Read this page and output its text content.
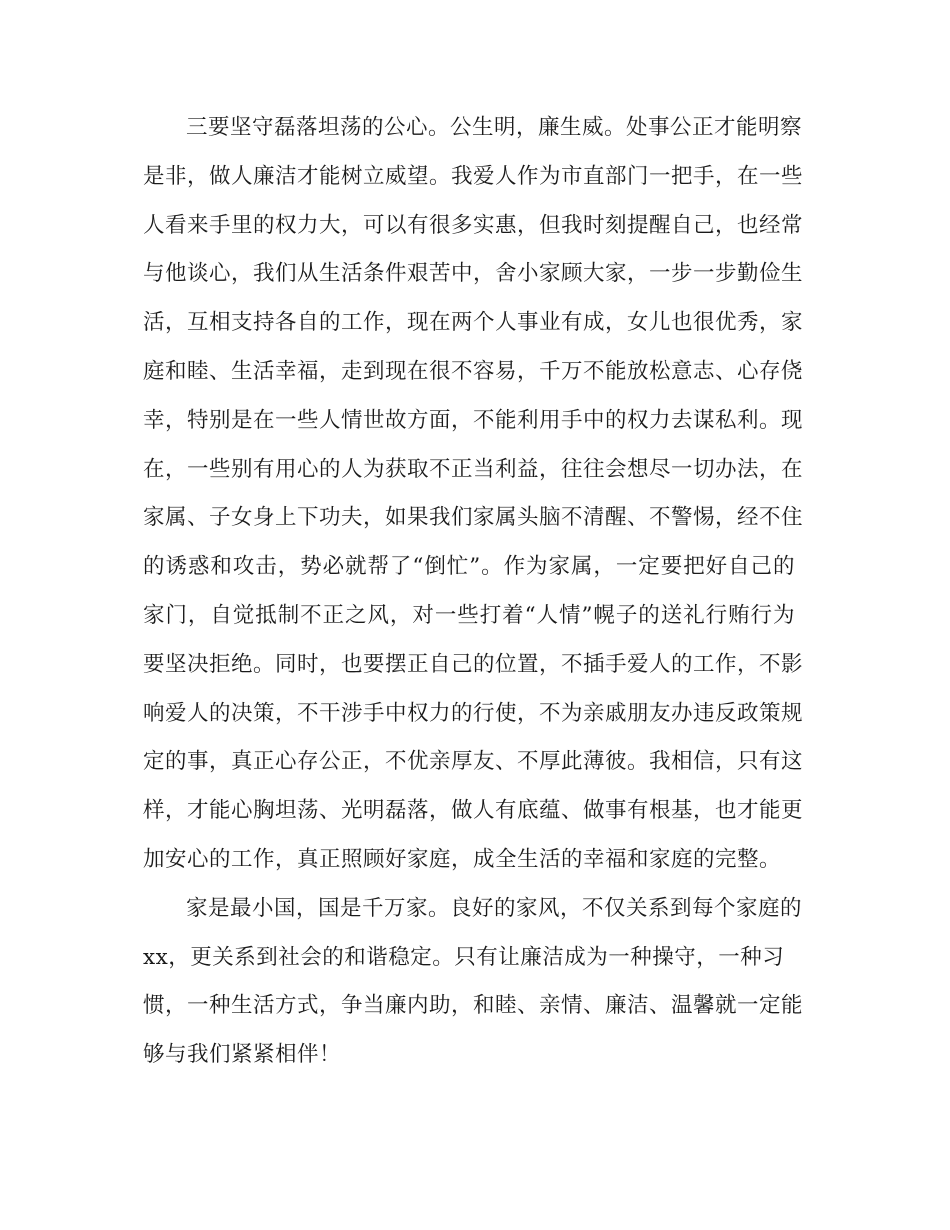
三要坚守磊落坦荡的公心。公生明，廉生威。处事公正才能明察
是非，做人廉洁才能树立威望。我爱人作为市直部门一把手，在一些
人看来手里的权力大，可以有很多实惠，但我时刻提醒自己，也经常
与他谈心，我们从生活条件艰苦中，舍小家顾大家，一步一步勤俭生
活，互相支持各自的工作，现在两个人事业有成，女儿也很优秀，家
庭和睦、生活幸福，走到现在很不容易，千万不能放松意志、心存侥
幸，特别是在一些人情世故方面，不能利用手中的权力去谋私利。现
在，一些别有用心的人为获取不正当利益，往往会想尽一切办法，在
家属、子女身上下功夫，如果我们家属头脑不清醒、不警惕，经不住
的诱惑和攻击，势必就帮了“倒忙”。作为家属，一定要把好自己的
家门，自觉抵制不正之风，对一些打着“人情”幌子的送礼行贿行为
要坚决拒绝。同时，也要摆正自己的位置，不插手爱人的工作，不影
响爱人的决策，不干涉手中权力的行使，不为亲戚朋友办违反政策规
定的事，真正心存公正，不优亲厚友、不厚此薄彼。我相信，只有这
样，才能心胸坦荡、光明磊落，做人有底蕴、做事有根基，也才能更
加安心的工作，真正照顾好家庭，成全生活的幸福和家庭的完整。
家是最小国，国是千万家。良好的家风，不仅关系到每个家庭的
xx，更关系到社会的和谐稳定。只有让廉洁成为一种操守，一种习
惯，一种生活方式，争当廉内助，和睦、亲情、廉洁、温馨就一定能
够与我们紧紧相伴！
